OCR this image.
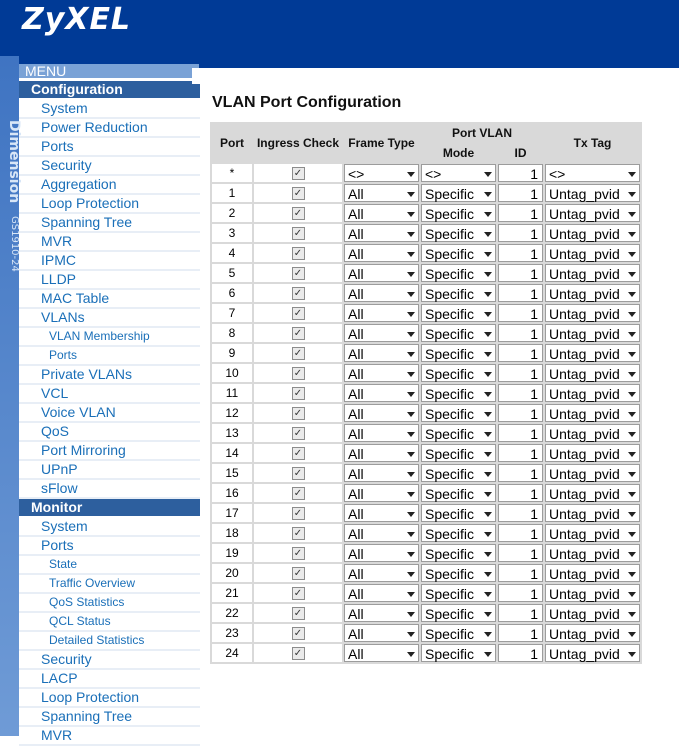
ZyXEL
Dimension GS1910-24
MENU
Configuration
System
Power Reduction
Ports
Security
Aggregation
Loop Protection
Spanning Tree
MVR
IPMC
LLDP
MAC Table
VLANs
VLAN Membership
Ports
Private VLANs
VCL
Voice VLAN
QoS
Port Mirroring
UPnP
sFlow
Monitor
System
Ports
State
Traffic Overview
QoS Statistics
QCL Status
Detailed Statistics
Security
LACP
Loop Protection
Spanning Tree
MVR
VLAN Port Configuration
Port	Ingress Check	Frame Type	Port VLAN		Tx Tag
			Mode	ID	
*	✓	<>	<>	1	<>

1	✓	All	Specific	1	Untag_pvid

2	✓	All	Specific	1	Untag_pvid

3	✓	All	Specific	1	Untag_pvid

4	✓	All	Specific	1	Untag_pvid

5	✓	All	Specific	1	Untag_pvid

6	✓	All	Specific	1	Untag_pvid

7	✓	All	Specific	1	Untag_pvid

8	✓	All	Specific	1	Untag_pvid

9	✓	All	Specific	1	Untag_pvid

10	✓	All	Specific	1	Untag_pvid

11	✓	All	Specific	1	Untag_pvid

12	✓	All	Specific	1	Untag_pvid

13	✓	All	Specific	1	Untag_pvid

14	✓	All	Specific	1	Untag_pvid

15	✓	All	Specific	1	Untag_pvid

16	✓	All	Specific	1	Untag_pvid

17	✓	All	Specific	1	Untag_pvid

18	✓	All	Specific	1	Untag_pvid

19	✓	All	Specific	1	Untag_pvid

20	✓	All	Specific	1	Untag_pvid

21	✓	All	Specific	1	Untag_pvid

22	✓	All	Specific	1	Untag_pvid

23	✓	All	Specific	1	Untag_pvid

24	✓	All	Specific	1	Untag_pvid
